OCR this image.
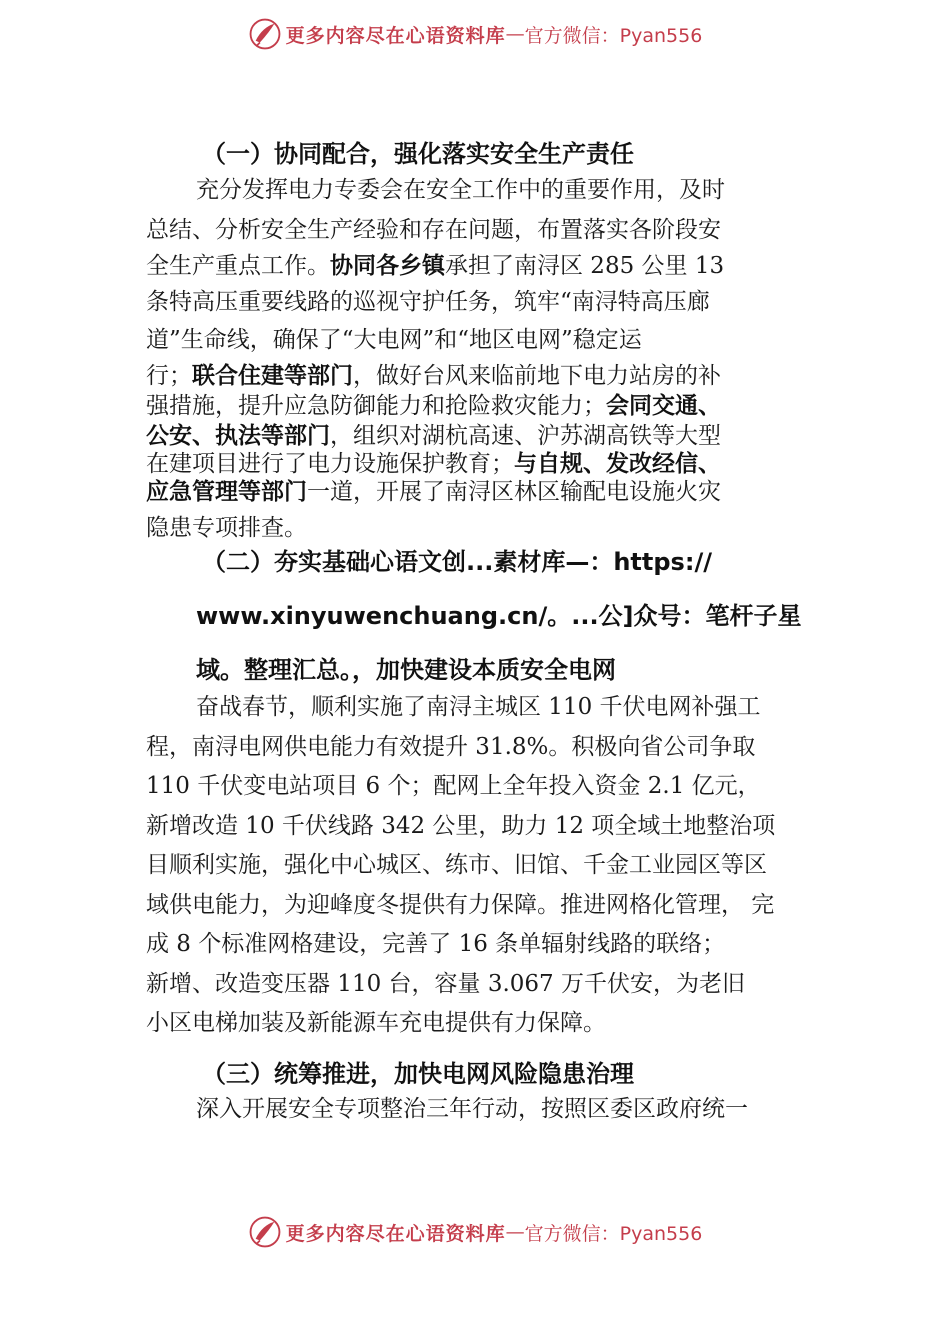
更多内容尽在心语资料库 — 官方微信：Pyan556
（一）协同配合，强化落实安全生产责任
充分发挥电力专委会在安全工作中的重要作用，及时
总结、分析安全生产经验和存在问题，布置落实各阶段安
全生产重点工作。协同各乡镇承担了南浔区 285 公里 13
条特高压重要线路的巡视守护任务，筑牢“南浔特高压廊
道”生命线，确保了“大电网”和“地区电网”稳定运
行；联合住建等部门，做好台风来临前地下电力站房的补
强措施，提升应急防御能力和抢险救灾能力；会同交通、
公安、执法等部门，组织对湖杭高速、沪苏湖高铁等大型
在建项目进行了电力设施保护教育；与自规、发改经信、
应急管理等部门一道，开展了南浔区林区输配电设施火灾
隐患专项排查。
（二）夯实基础心语文创...素材库—：https://
www.xinyuwenchuang.cn/。...公]众号：笔杆子星
域。整理汇总。，加快建设本质安全电网
奋战春节，顺利实施了南浔主城区 110 千伏电网补强工
程，南浔电网供电能力有效提升 31.8%。积极向省公司争取
110 千伏变电站项目 6 个；配网上全年投入资金 2.1 亿元，
新增改造 10 千伏线路 342 公里，助力 12 项全域土地整治项
目顺利实施，强化中心城区、练市、旧馆、千金工业园区等区
域供电能力，为迎峰度冬提供有力保障。推进网格化管理， 完
成 8 个标准网格建设，完善了 16 条单辐射线路的联络；
新增、改造变压器 110 台，容量 3.067 万千伏安，为老旧
小区电梯加装及新能源车充电提供有力保障。
（三）统筹推进，加快电网风险隐患治理
深入开展安全专项整治三年行动，按照区委区政府统一
更多内容尽在心语资料库 — 官方微信：Pyan556
